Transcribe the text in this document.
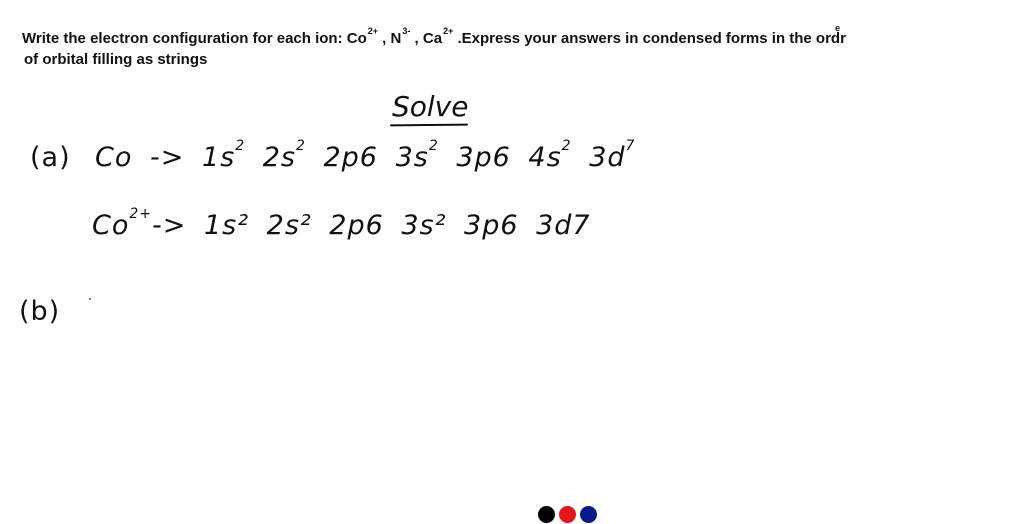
Write the electron configuration for each ion: $Co^{2+}$ , $N^{3-}$ , $Ca^{2+}$ .Express your answers in condensed forms in the ord
e
r
of orbital filling as strings
Solve
(a) $Co -> 1s^2$ $2s^2$ 2p6 $3s^2$ 3p6 $4s^2$ $3d^7$
$Co^{2+}-> 1s^2$ 2s² 2p6 3s² 3p6 3d7
(b)
